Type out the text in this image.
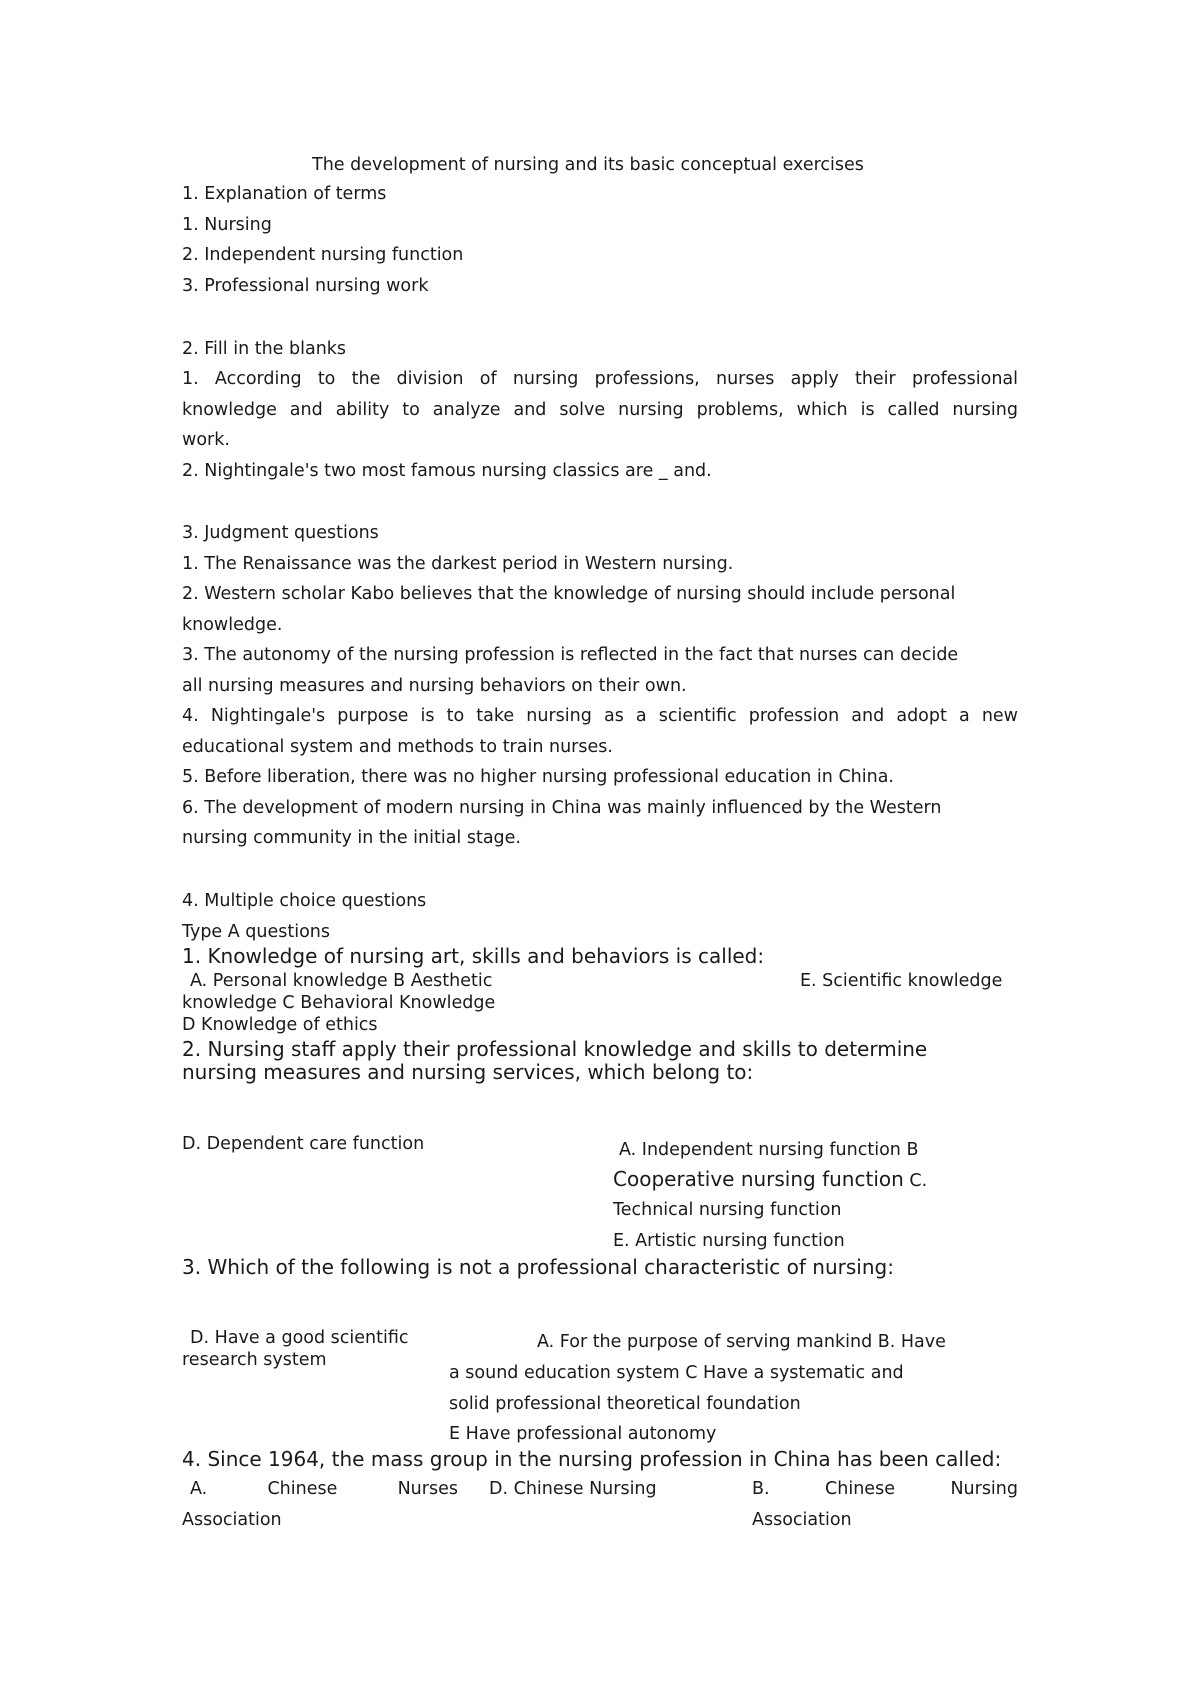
The development of nursing and its basic conceptual exercises
1. Explanation of terms
1. Nursing
2. Independent nursing function
3. Professional nursing work
2. Fill in the blanks
1. According to the division of nursing professions, nurses apply their professional
knowledge and ability to analyze and solve nursing problems, which is called nursing
work.
2. Nightingale's two most famous nursing classics are _ and.
3. Judgment questions
1. The Renaissance was the darkest period in Western nursing.
2. Western scholar Kabo believes that the knowledge of nursing should include personal
knowledge.
3. The autonomy of the nursing profession is reflected in the fact that nurses can decide
all nursing measures and nursing behaviors on their own.
4. Nightingale's purpose is to take nursing as a scientific profession and adopt a new
educational system and methods to train nurses.
5. Before liberation, there was no higher nursing professional education in China.
6. The development of modern nursing in China was mainly influenced by the Western
nursing community in the initial stage.
4. Multiple choice questions
Type A questions
1. Knowledge of nursing art, skills and behaviors is called:
A. Personal knowledge B Aesthetic	E. Scientific knowledge
knowledge C Behavioral Knowledge
D Knowledge of ethics
2. Nursing staff apply their professional knowledge and skills to determine
nursing measures and nursing services, which belong to:
D. Dependent care function	A. Independent nursing function B
Cooperative nursing function C.
Technical nursing function
E. Artistic nursing function
3. Which of the following is not a professional characteristic of nursing:
D. Have a good scientific
research system
A. For the purpose of serving mankind B. Have
a sound education system C Have a systematic and
solid professional theoretical foundation
E Have professional autonomy
4. Since 1964, the mass group in the nursing profession in China has been called:
A.	Chinese	Nurses
Association
D. Chinese Nursing	B.	Chinese	Nursing
Association
